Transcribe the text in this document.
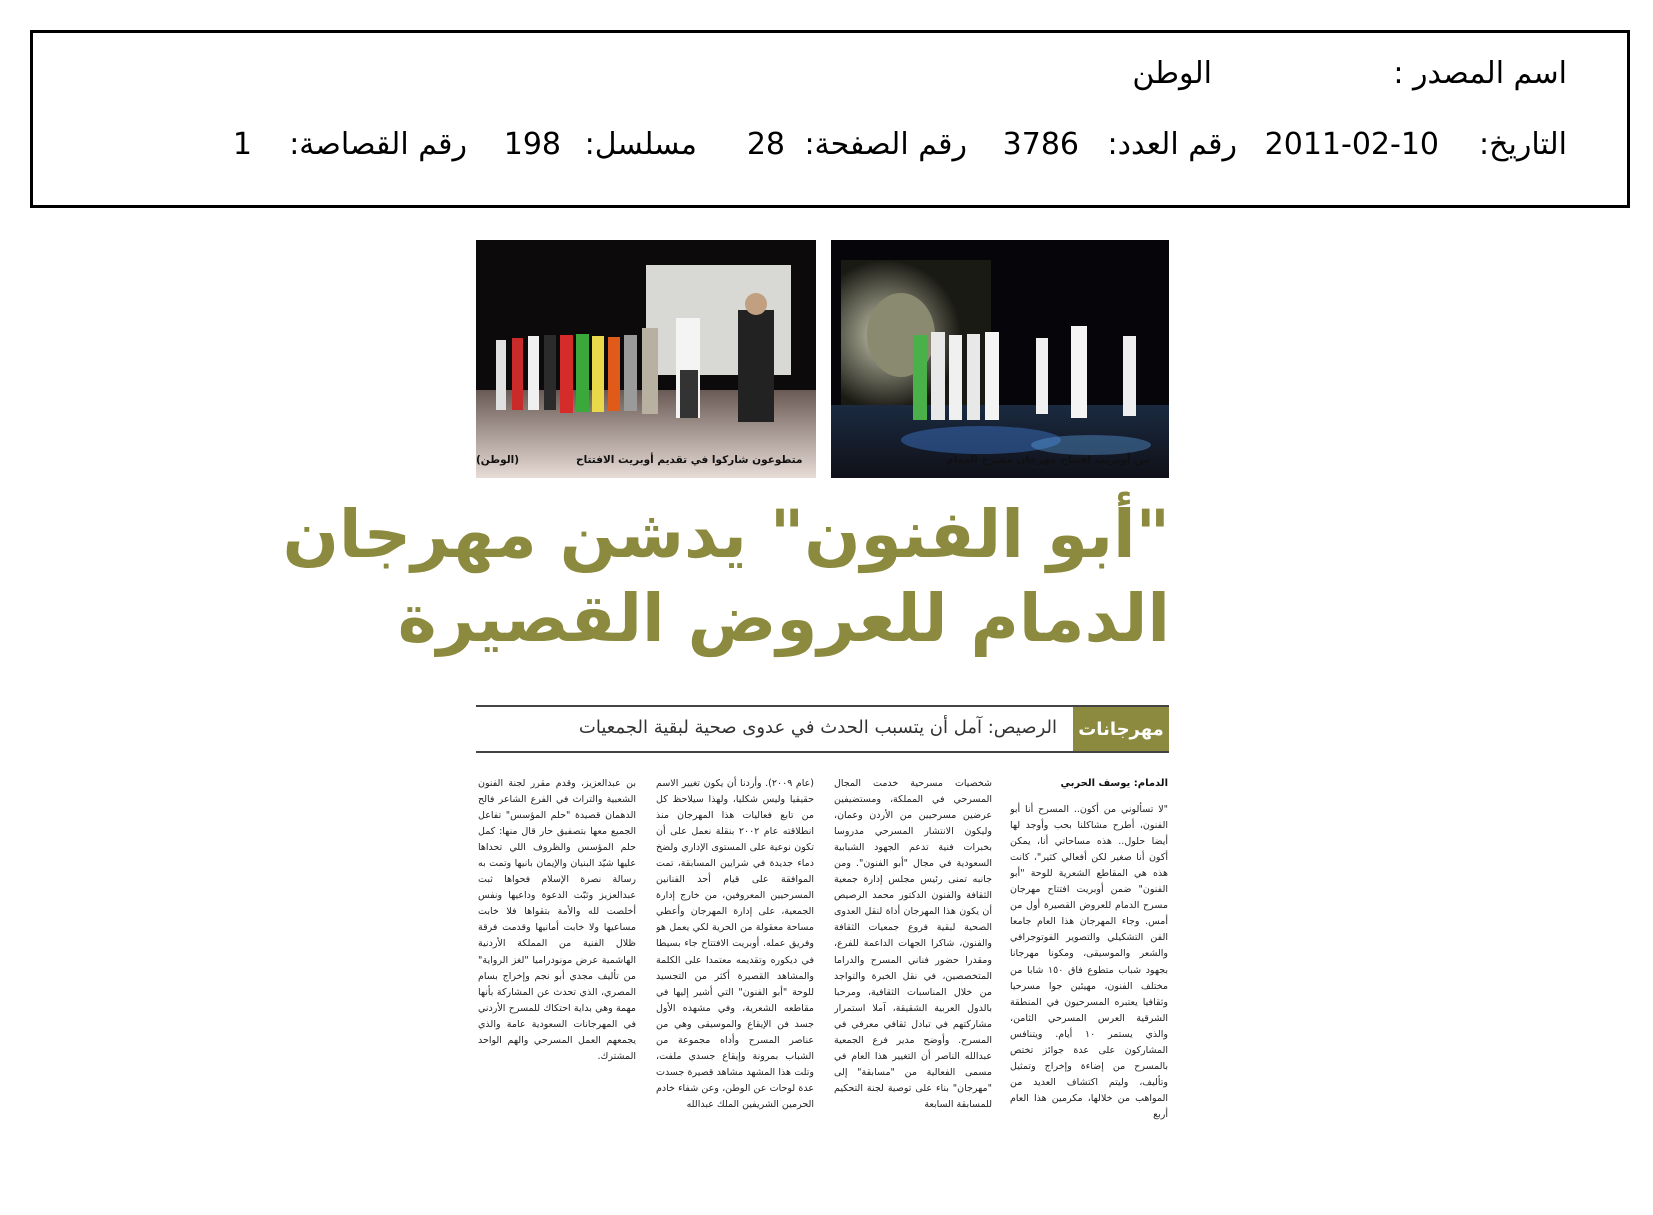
اسم المصدر :
الوطن
التاريخ:
2011-02-10
رقم العدد:
3786
رقم الصفحة:
28
مسلسل:
198
رقم القصاصة:
1
متطوعون شاركوا في تقديم أوبريت الافتتاح
(الوطن)	من أوبريت افتتاح مهرجان مسرح الدمام
"أبو الفنون" يدشن مهرجان
الدمام للعروض القصيرة
مهرجانات
الرصيص: آمل أن يتسبب الحدث في عدوى صحية لبقية الجمعيات

الدمام: يوسف الحربي

"لا تسألوني من أكون.. المسرح أنا أبو الفنون، أطرح مشاكلنا بحب وأوجد لها أيضا حلول.. هذه مساحاتي أنا، يمكن أكون أنا صغير لكن أفعالي كثير"، كانت هذه هي المقاطع الشعرية للوحة "أبو الفنون" ضمن أوبريت افتتاح مهرجان مسرح الدمام للعروض القصيرة أول من أمس. وجاء المهرجان هذا العام جامعا الفن التشكيلي والتصوير الفوتوجرافي والشعر والموسيقى، ومكونا مهرجانا بجهود شباب متطوع فاق ١٥٠ شابا من مختلف الفنون، مهيئين جوا مسرحيا وثقافيا يعتبره المسرحيون في المنطقة الشرقية العرس المسرحي الثامن، والذي يستمر ١٠ أيام. ويتنافس المشاركون على عدة جوائز تختص بالمسرح من إضاءة وإخراج وتمثيل وتأليف، وليتم اكتشاف العديد من المواهب من خلالها، مكرمين هذا العام أربع

شخصيات مسرحية خدمت المجال المسرحي في المملكة، ومستضيفين عرضين مسرحيين من الأردن وعمان، وليكون الانتشار المسرحي مدروسا بخبرات فنية تدعم الجهود الشبابية السعودية في مجال "أبو الفنون". ومن جانبه تمنى رئيس مجلس إدارة جمعية الثقافة والفنون الدكتور محمد الرصيص أن يكون هذا المهرجان أداة لنقل العدوى الصحية لبقية فروع جمعيات الثقافة والفنون، شاكرا الجهات الداعمة للفرع، ومقدرا حضور فناني المسرح والدراما المتخصصين، في نقل الخبرة والتواجد من خلال المناسبات الثقافية، ومرحبا بالدول العربية الشقيقة، آملا استمرار مشاركتهم في تبادل ثقافي معرفي في المسرح. وأوضح مدير فرع الجمعية عبدالله الناصر أن التغيير هذا العام في مسمى الفعالية من "مسابقة" إلى "مهرجان" بناء على توصية لجنة التحكيم للمسابقة السابعة

(عام ٢٠٠٩). وأردنا أن يكون تغيير الاسم حقيقيا وليس شكليا، ولهذا سيلاحظ كل من تابع فعاليات هذا المهرجان منذ انطلاقته عام ٢٠٠٢ بنقلة نعمل على أن تكون نوعية على المستوى الإداري ولضخ دماء جديدة في شرايين المسابقة، تمت الموافقة على قيام أحد الفنانين المسرحيين المعروفين، من خارج إدارة الجمعية، على إدارة المهرجان وأعطي مساحة معقولة من الحرية لكي يعمل هو وفريق عمله. أوبريت الافتتاح جاء بسيطا في ديكوره وتقديمه معتمدا على الكلمة والمشاهد القصيرة أكثر من التجسيد للوحة "أبو الفنون" التي أشير إليها في مقاطعه الشعرية، وفي مشهده الأول جسد فن الإيقاع والموسيقى وهي من عناصر المسرح وأداه مجموعة من الشباب بمرونة وإيقاع جسدي ملفت، وتلت هذا المشهد مشاهد قصيرة جسدت عدة لوحات عن الوطن، وعن شفاء خادم الحرمين الشريفين الملك عبدالله

بن عبدالعزيز، وقدم مقرر لجنة الفنون الشعبية والتراث في الفرع الشاعر فالح الدهمان قصيدة "حلم المؤسس" تفاعل الجميع معها بتصفيق حار قال منها: كمل حلم المؤسس والظروف اللي تحداها عليها شيّد البنيان والإيمان بانيها وتمت به رسالة نصرة الإسلام فحواها ثبت عبدالعزيز وثبّت الدعوة وداعيها ونفس أخلصت لله والأمة بتقواها فلا خابت مساعيها ولا خابت أمانيها وقدمت فرقة ظلال الفنية من المملكة الأردنية الهاشمية عرض مونودراميا "لغز الرواية" من تأليف مجدي أبو نجم وإخراج بسام المصري، الذي تحدث عن المشاركة بأنها مهمة وهي بداية احتكاك للمسرح الأردني في المهرجانات السعودية عامة والذي يجمعهم العمل المسرحي والهم الواحد المشترك.
